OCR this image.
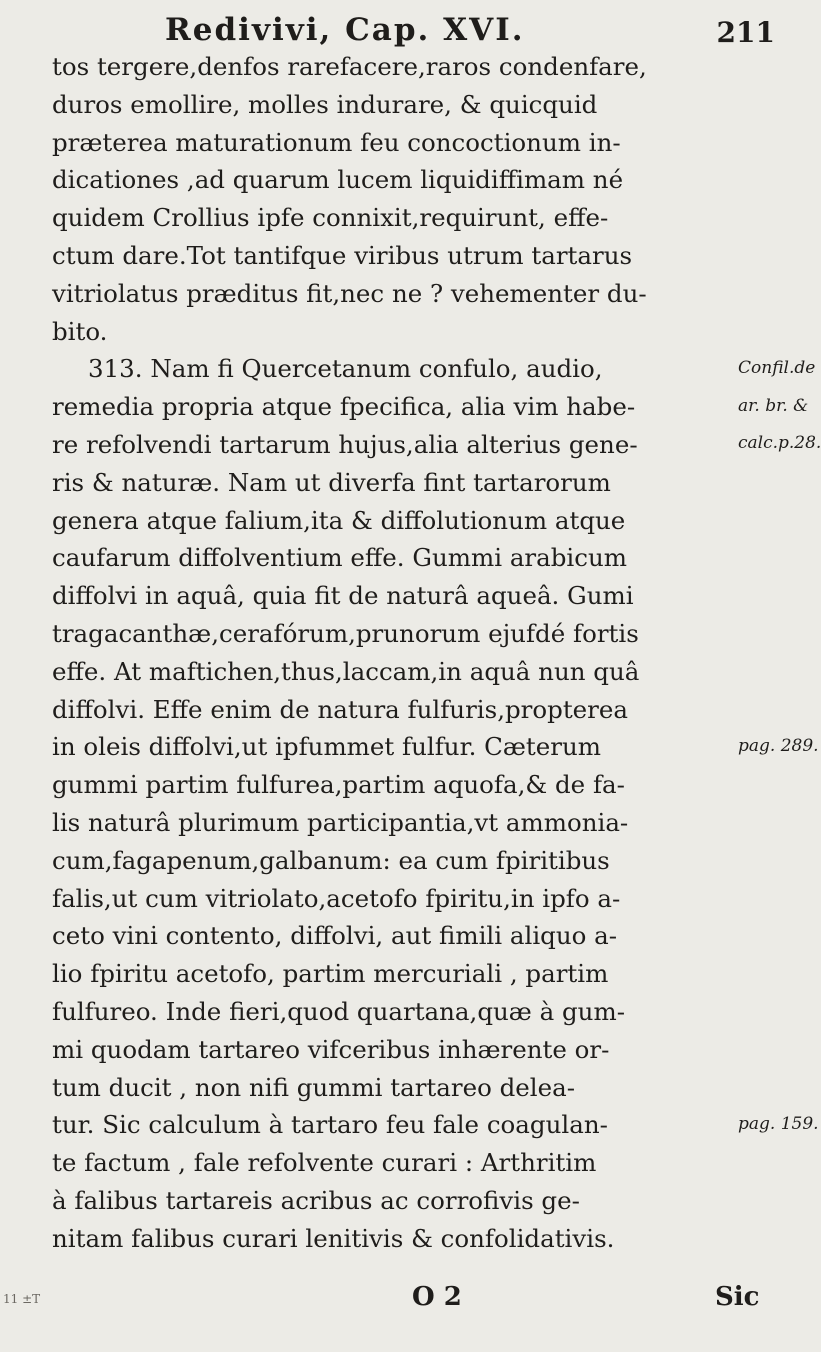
Redivivi, Cap. XVI.	211
tos tergere,denfos rarefacere,raros condenfare,
duros emollire, molles indurare, & quicquid
præterea maturationum feu concoctionum in-
dicationes ,ad quarum lucem liquidiffimam né
quidem Crollius ipfe connixit,requirunt, effe-
ctum dare.Tot tantifque viribus utrum tartarus
vitriolatus præditus fit,nec ne ? vehementer du-
bito.
313. Nam fi Quercetanum confulo, audio,
remedia propria atque fpecifica, alia vim habe-
re refolvendi tartarum hujus,alia alterius gene-
ris & naturæ. Nam ut diverfa fint tartarorum
genera atque falium,ita & diffolutionum atque
caufarum diffolventium effe. Gummi arabicum
diffolvi in aquâ, quia fit de naturâ aqueâ. Gumi
tragacanthæ,cerafórum,prunorum ejufdé fortis
effe. At maftichen,thus,laccam,in aquâ nun quâ
diffolvi. Effe enim de natura fulfuris,propterea
in oleis diffolvi,ut ipfummet fulfur. Cæterum
gummi partim fulfurea,partim aquofa,& de fa-
lis naturâ plurimum participantia,vt ammonia-
cum,fagapenum,galbanum: ea cum fpiritibus
falis,ut cum vitriolato,acetofo fpiritu,in ipfo a-
ceto vini contento, diffolvi, aut fimili aliquo a-
lio fpiritu acetofo, partim mercuriali , partim
fulfureo. Inde fieri,quod quartana,quæ à gum-
mi quodam tartareo vifceribus inhærente or-
tum ducit , non nifi gummi tartareo delea-
tur. Sic calculum à tartaro feu fale coagulan-
te factum , fale refolvente curari : Arthritim
à falibus tartareis acribus ac corrofivis ge-
nitam falibus curari lenitivis & confolidativis.
Confil.de
ar. br. &
calc.p.28.
pag. 289.
pag. 159.
O 2	Sic
11 ±T
